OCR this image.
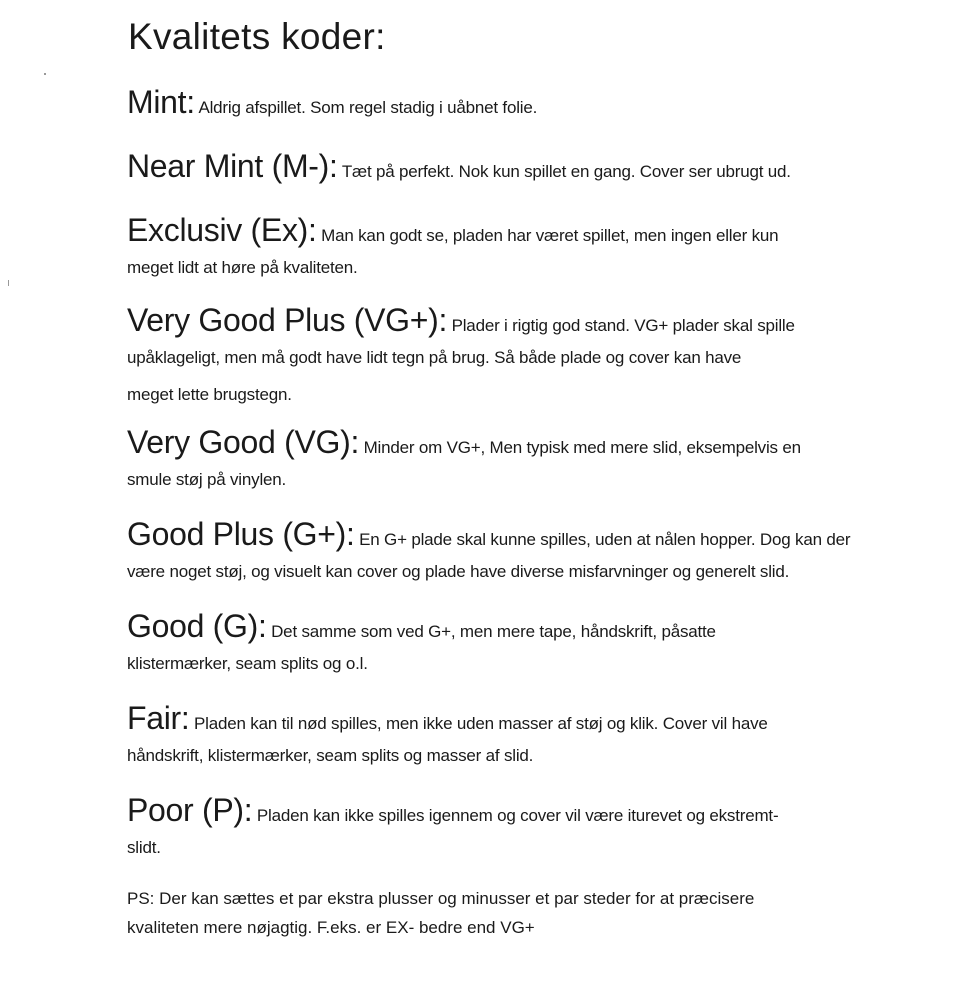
Kvalitets koder:
Mint: Aldrig afspillet. Som regel stadig i uåbnet folie.
Near Mint (M-): Tæt på perfekt. Nok kun spillet en gang. Cover ser ubrugt ud.
Exclusiv (Ex): Man kan godt se, pladen har været spillet, men ingen eller kun
meget lidt at høre på kvaliteten.
Very Good Plus (VG+): Plader i rigtig god stand. VG+ plader skal spille
upåklageligt, men må godt have lidt tegn på brug. Så både plade og cover kan have
meget lette brugstegn.
Very Good (VG): Minder om VG+, Men typisk med mere slid, eksempelvis en
smule støj på vinylen.
Good Plus (G+): En G+ plade skal kunne spilles, uden at nålen hopper. Dog kan der
være noget støj, og visuelt kan cover og plade have diverse misfarvninger og generelt slid.
Good (G): Det samme som ved G+, men mere tape, håndskrift, påsatte
klistermærker, seam splits og o.l.
Fair: Pladen kan til nød spilles, men ikke uden masser af støj og klik. Cover vil have
håndskrift, klistermærker, seam splits og masser af slid.
Poor (P): Pladen kan ikke spilles igennem og cover vil være iturevet og ekstremt-
slidt.
PS: Der kan sættes et par ekstra plusser og minusser et par steder for at præcisere
kvaliteten mere nøjagtig. F.eks. er EX- bedre end VG+
